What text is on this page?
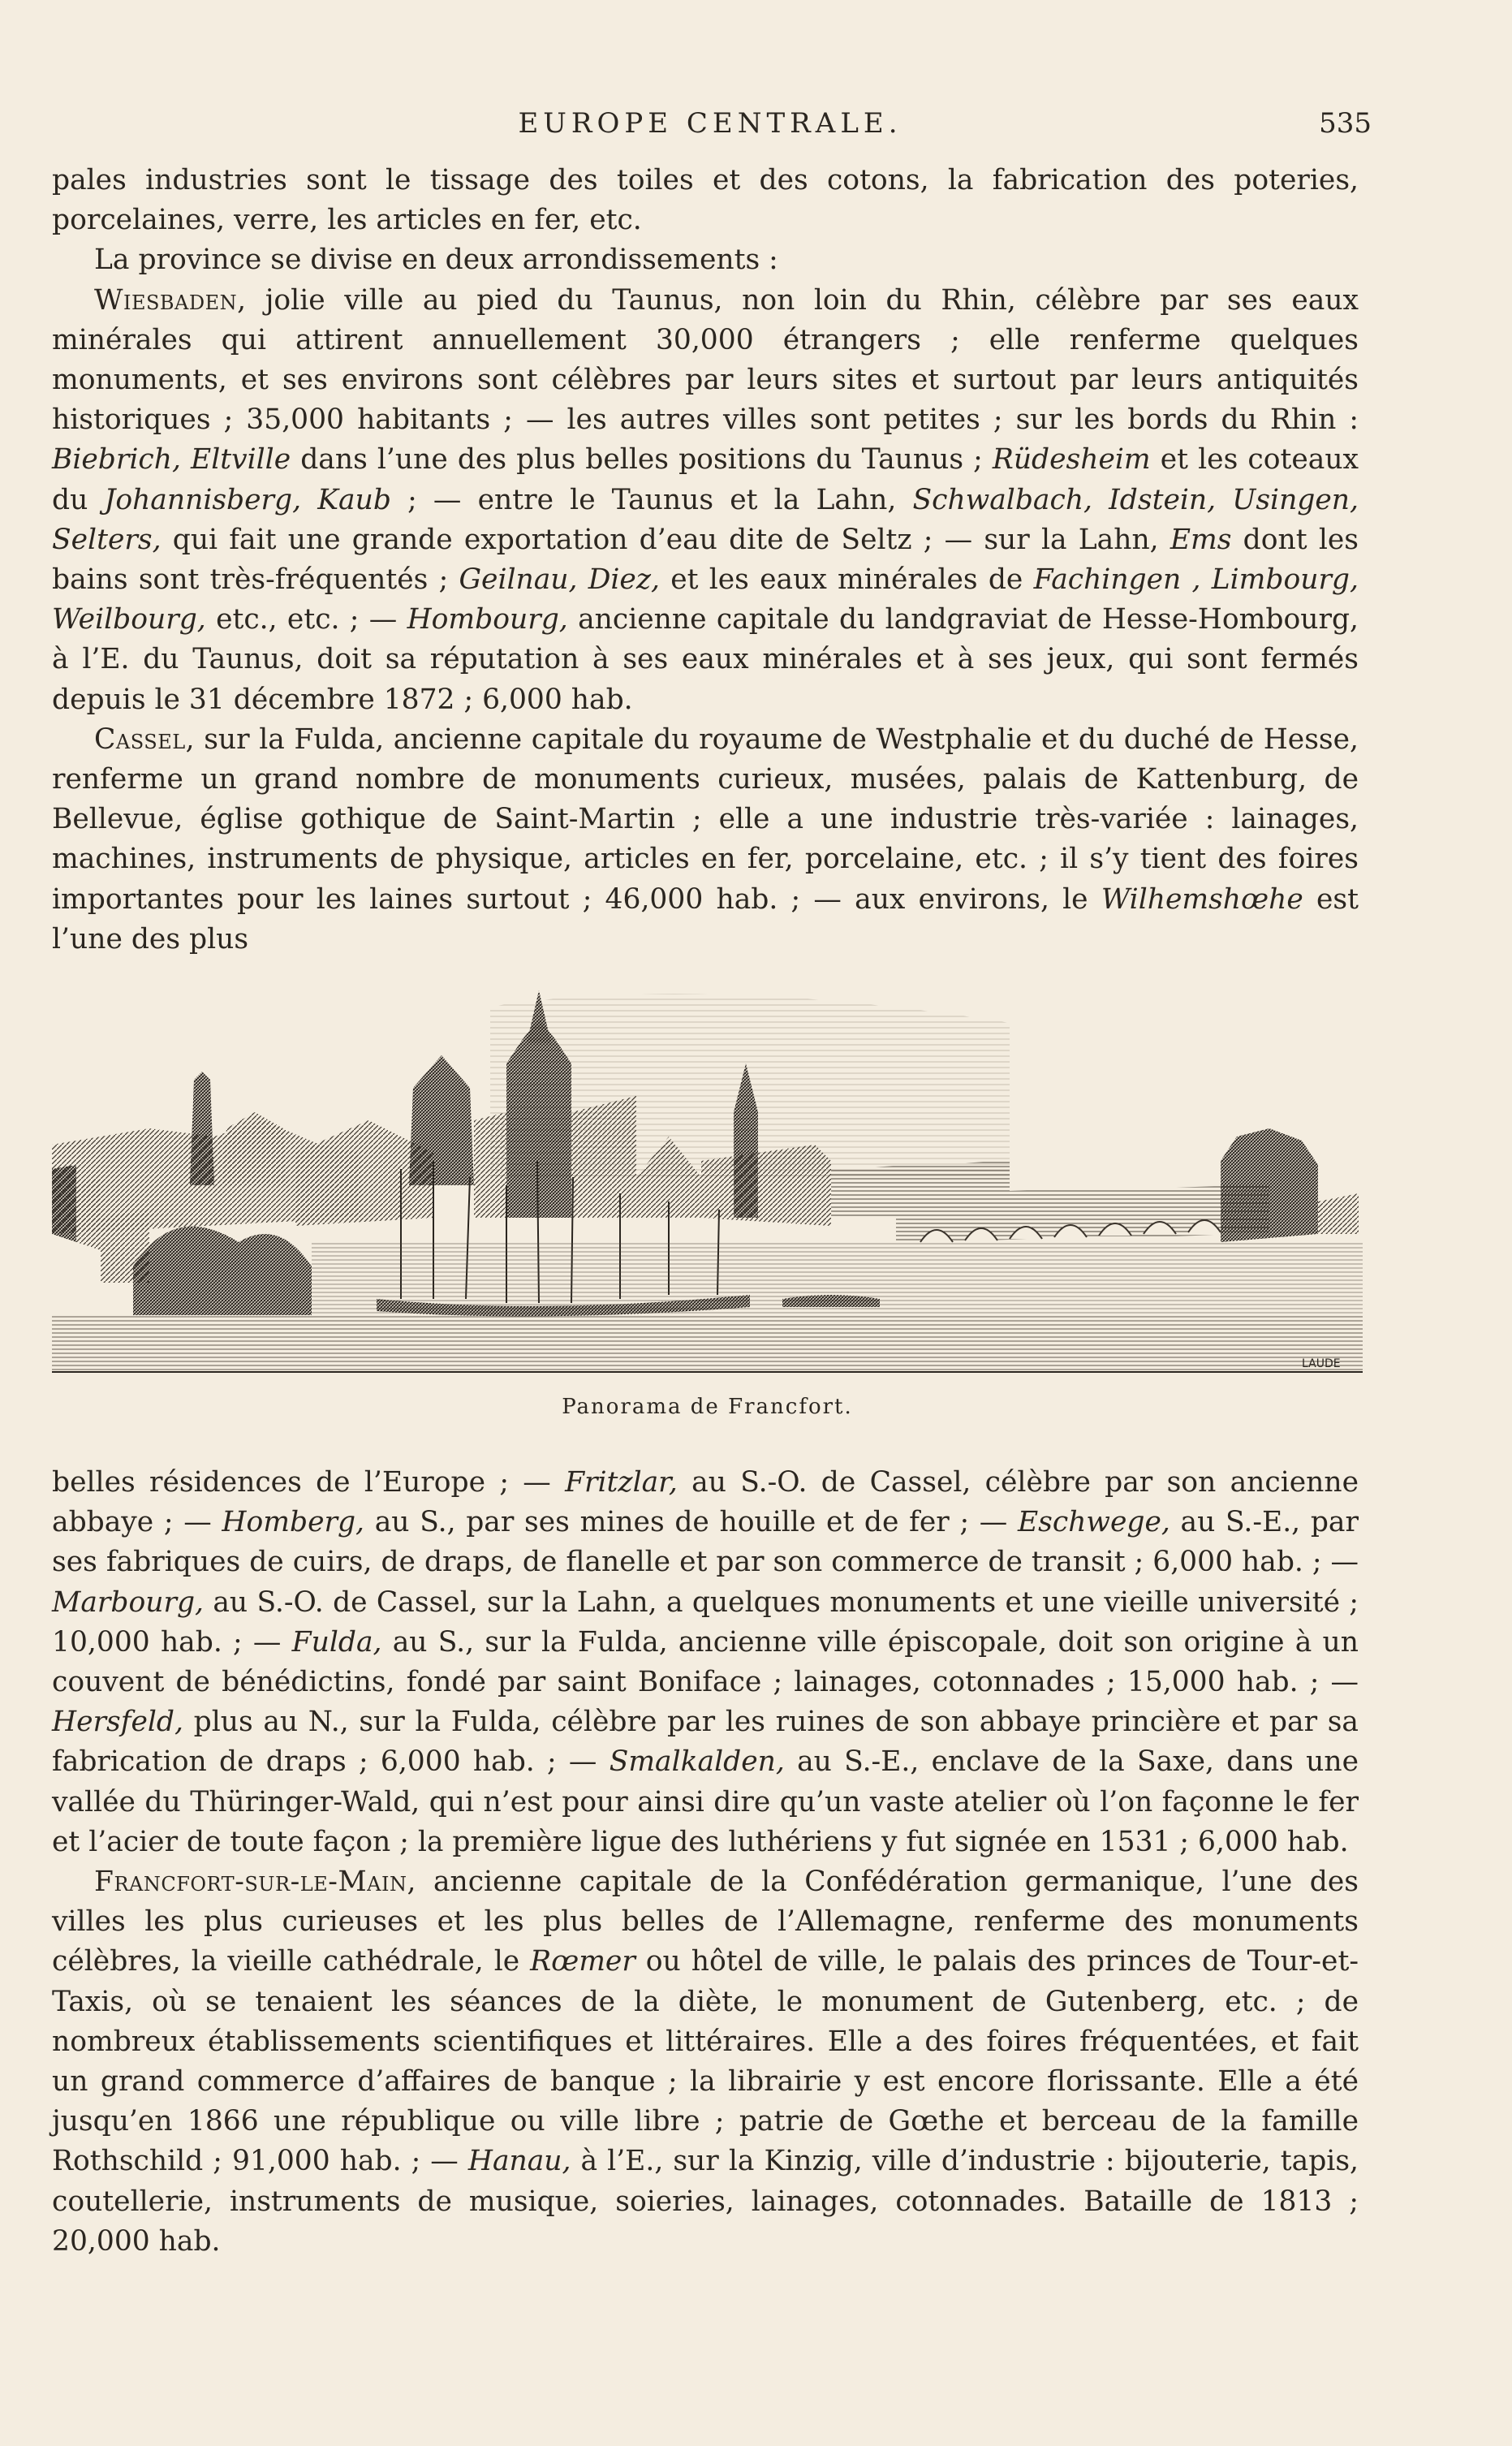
EUROPE CENTRALE.	535

pales industries sont le tissage des toiles et des cotons, la fabrication des poteries, porcelaines, verre, les articles en fer, etc.

La province se divise en deux arrondissements :

Wiesbaden, jolie ville au pied du Taunus, non loin du Rhin, célèbre par ses eaux minérales qui attirent annuellement 30,000 étrangers ; elle renferme quelques monuments, et ses environs sont célèbres par leurs sites et surtout par leurs antiquités historiques ; 35,000 habitants ; — les autres villes sont petites ; sur les bords du Rhin : Biebrich, Eltville dans l’une des plus belles positions du Taunus ; Rüdesheim et les coteaux du Johannisberg, Kaub ; — entre le Taunus et la Lahn, Schwalbach, Idstein, Usingen, Selters, qui fait une grande exportation d’eau dite de Seltz ; — sur la Lahn, Ems dont les bains sont très-fréquentés ; Geilnau, Diez, et les eaux minérales de Fachingen , Limbourg, Weilbourg, etc., etc. ; — Hombourg, ancienne capitale du landgraviat de Hesse-Hombourg, à l’E. du Taunus, doit sa réputation à ses eaux minérales et à ses jeux, qui sont fermés depuis le 31 décembre 1872 ; 6,000 hab.

Cassel, sur la Fulda, ancienne capitale du royaume de Westphalie et du duché de Hesse, renferme un grand nombre de monuments curieux, musées, palais de Kattenburg, de Bellevue, église gothique de Saint-Martin ; elle a une industrie très-variée : lainages, machines, instruments de physique, articles en fer, porcelaine, etc. ; il s’y tient des foires importantes pour les laines surtout ; 46,000 hab. ; — aux environs, le Wilhemshœhe est l’une des plus

LAUDE
Panorama de Francfort.

belles résidences de l’Europe ; — Fritzlar, au S.-O. de Cassel, célèbre par son ancienne abbaye ; — Homberg, au S., par ses mines de houille et de fer ; — Eschwege, au S.-E., par ses fabriques de cuirs, de draps, de flanelle et par son commerce de transit ; 6,000 hab. ; — Marbourg, au S.-O. de Cassel, sur la Lahn, a quelques monuments et une vieille université ; 10,000 hab. ; — Fulda, au S., sur la Fulda, ancienne ville épiscopale, doit son origine à un couvent de bénédictins, fondé par saint Boniface ; lainages, cotonnades ; 15,000 hab. ; — Hersfeld, plus au N., sur la Fulda, célèbre par les ruines de son abbaye princière et par sa fabrication de draps ; 6,000 hab. ; — Smalkalden, au S.-E., enclave de la Saxe, dans une vallée du Thüringer-Wald, qui n’est pour ainsi dire qu’un vaste atelier où l’on façonne le fer et l’acier de toute façon ; la première ligue des luthériens y fut signée en 1531 ; 6,000 hab.

Francfort-sur-le-Main, ancienne capitale de la Confédération germanique, l’une des villes les plus curieuses et les plus belles de l’Allemagne, renferme des monuments célèbres, la vieille cathédrale, le Rœmer ou hôtel de ville, le palais des princes de Tour-et-Taxis, où se tenaient les séances de la diète, le monument de Gutenberg, etc. ; de nombreux établissements scientifiques et littéraires. Elle a des foires fréquentées, et fait un grand commerce d’affaires de banque ; la librairie y est encore florissante. Elle a été jusqu’en 1866 une république ou ville libre ; patrie de Gœthe et berceau de la famille Rothschild ; 91,000 hab. ; — Hanau, à l’E., sur la Kinzig, ville d’industrie : bijouterie, tapis, coutellerie, instruments de musique, soieries, lainages, cotonnades. Bataille de 1813 ; 20,000 hab.
